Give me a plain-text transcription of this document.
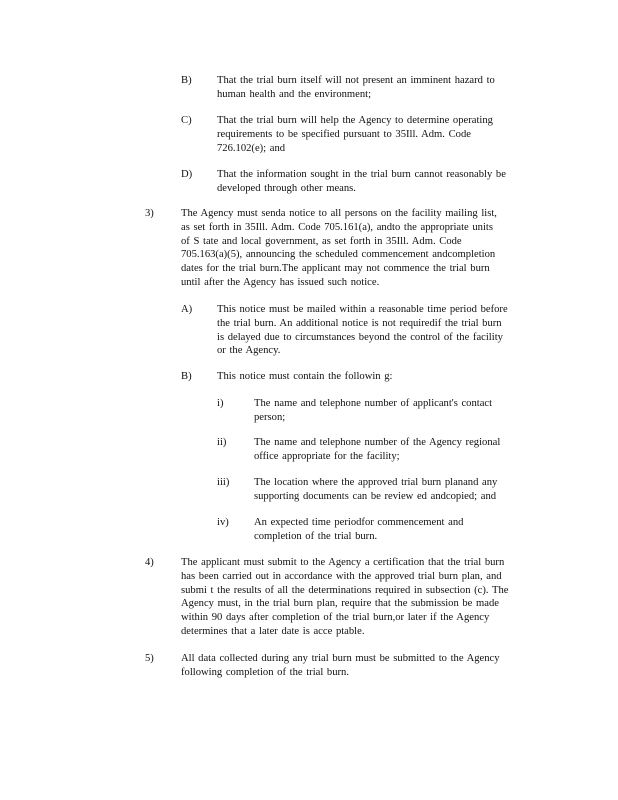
B) That the trial burn itself will not present an imminent hazard to
human health and the environment;
C) That the trial burn will help the Agency to determine operating
requirements to be specified pursuant to 35Ill. Adm. Code
726.102(e); and
D) That the information sought in the trial burn cannot reasonably be
developed through other means.
3)	The Agency must senda notice to all persons on the facility mailing list,
as set forth in 35Ill. Adm. Code 705.161(a), andto the appropriate units
of S tate and local government, as set forth in 35Ill. Adm. Code
705.163(a)(5), announcing the scheduled commencement andcompletion
dates for the trial burn.The applicant may not commence the trial burn
until after the Agency has issued such notice.
A) This notice must be mailed within a reasonable time period before
the trial burn. An additional notice is not requiredif the trial burn
is delayed due to circumstances beyond the control of the facility
or the Agency.
B) This notice must contain the followin g:
i)	The name and telephone number of applicant's contact
person;
ii)	The name and telephone number of the Agency regional
office appropriate for the facility;
iii) The location where the approved trial burn planand any
supporting documents can be review ed andcopied; and
iv) An expected time periodfor commencement and
completion of the trial burn.
4)	The applicant must submit to the Agency a certification that the trial burn
has been carried out in accordance with the approved trial burn plan, and
submi t the results of all the determinations required in subsection (c). The
Agency must, in the trial burn plan, require that the submission be made
within 90 days after completion of the trial burn,or later if the Agency
determines that a later date is acce ptable.
5)	All data collected during any trial burn must be submitted to the Agency
following completion of the trial burn.
